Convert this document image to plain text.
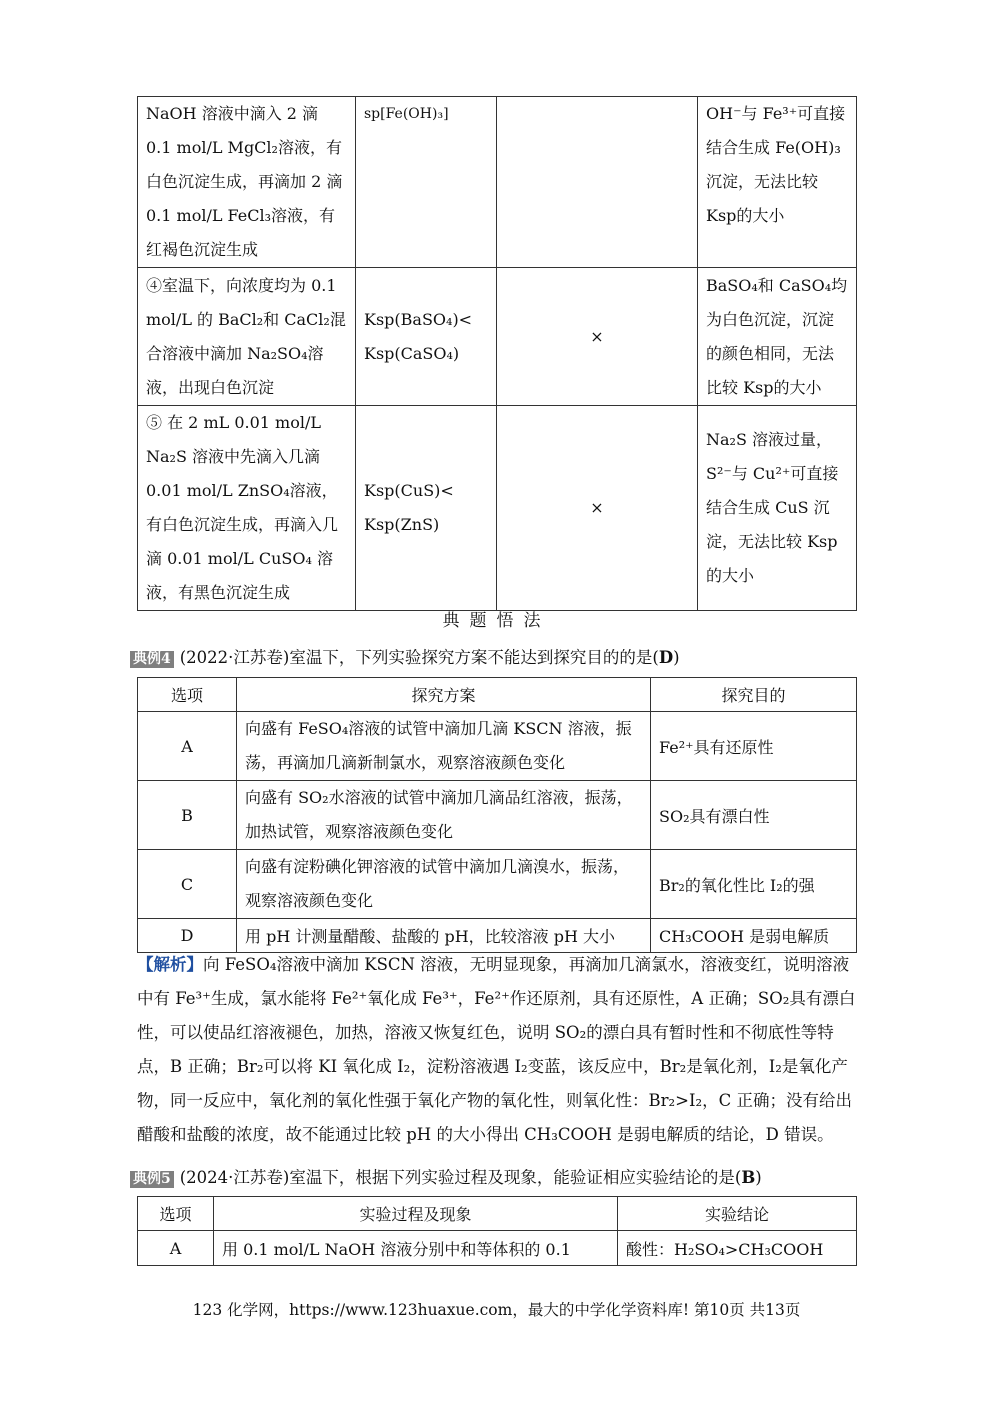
NaOH 溶液中滴入 2 滴 0.1 mol/L MgCl₂溶液，有白色沉淀生成，再滴加 2 滴 0.1 mol/L FeCl₃溶液，有红褐色沉淀生成	sp[Fe(OH)₃]		OH⁻与 Fe³⁺可直接结合生成 Fe(OH)₃沉淀，无法比较 Ksp的大小
④室温下，向浓度均为 0.1 mol/L 的 BaCl₂和 CaCl₂混合溶液中滴加 Na₂SO₄溶液，出现白色沉淀	Ksp(BaSO₄)< Ksp(CaSO₄)	×	BaSO₄和 CaSO₄均为白色沉淀，沉淀的颜色相同，无法比较 Ksp的大小
⑤ 在 2 mL 0.01 mol/L Na₂S 溶液中先滴入几滴 0.01 mol/L ZnSO₄溶液，有白色沉淀生成，再滴入几滴 0.01 mol/L CuSO₄ 溶液，有黑色沉淀生成	Ksp(CuS)< Ksp(ZnS)	×	Na₂S 溶液过量，S²⁻与 Cu²⁺可直接结合生成 CuS 沉淀，无法比较 Ksp的大小
典题悟法
典例4 (2022·江苏卷)室温下，下列实验探究方案不能达到探究目的的是(D)
选项	探究方案	探究目的
A	向盛有 FeSO₄溶液的试管中滴加几滴 KSCN 溶液，振荡，再滴加几滴新制氯水，观察溶液颜色变化	Fe²⁺具有还原性
B	向盛有 SO₂水溶液的试管中滴加几滴品红溶液，振荡，加热试管，观察溶液颜色变化	SO₂具有漂白性
C	向盛有淀粉碘化钾溶液的试管中滴加几滴溴水，振荡，观察溶液颜色变化	Br₂的氧化性比 I₂的强
D	用 pH 计测量醋酸、盐酸的 pH，比较溶液 pH 大小	CH₃COOH 是弱电解质
【解析】向 FeSO₄溶液中滴加 KSCN 溶液，无明显现象，再滴加几滴氯水，溶液变红，说明溶液中有 Fe³⁺生成，氯水能将 Fe²⁺氧化成 Fe³⁺，Fe²⁺作还原剂，具有还原性，A 正确；SO₂具有漂白性，可以使品红溶液褪色，加热，溶液又恢复红色，说明 SO₂的漂白具有暂时性和不彻底性等特点，B 正确；Br₂可以将 KI 氧化成 I₂，淀粉溶液遇 I₂变蓝，该反应中，Br₂是氧化剂，I₂是氧化产物，同一反应中，氧化剂的氧化性强于氧化产物的氧化性，则氧化性：Br₂>I₂，C 正确；没有给出醋酸和盐酸的浓度，故不能通过比较 pH 的大小得出 CH₃COOH 是弱电解质的结论，D 错误。
典例5 (2024·江苏卷)室温下，根据下列实验过程及现象，能验证相应实验结论的是(B)
选项	实验过程及现象	实验结论
A	用 0.1 mol/L NaOH 溶液分别中和等体积的 0.1	酸性：H₂SO₄>CH₃COOH
123 化学网，https://www.123huaxue.com，最大的中学化学资料库! 第10页 共13页
